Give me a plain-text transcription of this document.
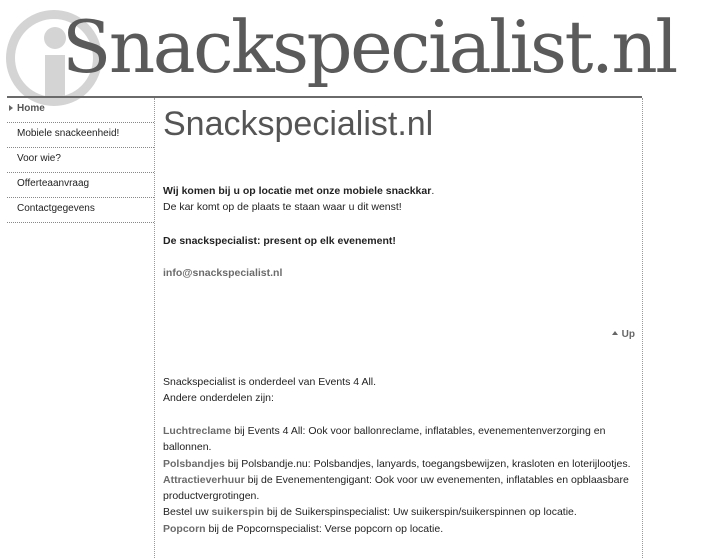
Snackspecialist.nl
Home
Mobiele snackeenheid!
Voor wie?
Offerteaanvraag
Contactgegevens
Snackspecialist.nl

Wij komen bij u op locatie met onze mobiele snackkar.
De kar komt op de plaats te staan waar u dit wenst!

De snackspecialist: present op elk evenement!

info@snackspecialist.nl

Up

Snackspecialist is onderdeel van Events 4 All.
Andere onderdelen zijn:

Luchtreclame bij Events 4 All: Ook voor ballonreclame, inflatables, evenementenverzorging en ballonnen.
Polsbandjes bij Polsbandje.nu: Polsbandjes, lanyards, toegangsbewijzen, krasloten en loterijlootjes.
Attractieverhuur bij de Evenementengigant: Ook voor uw evenementen, inflatables en opblaasbare productvergrotingen.
Bestel uw suikerspin bij de Suikerspinspecialist: Uw suikerspin/suikerspinnen op locatie.
Popcorn bij de Popcornspecialist: Verse popcorn op locatie.
